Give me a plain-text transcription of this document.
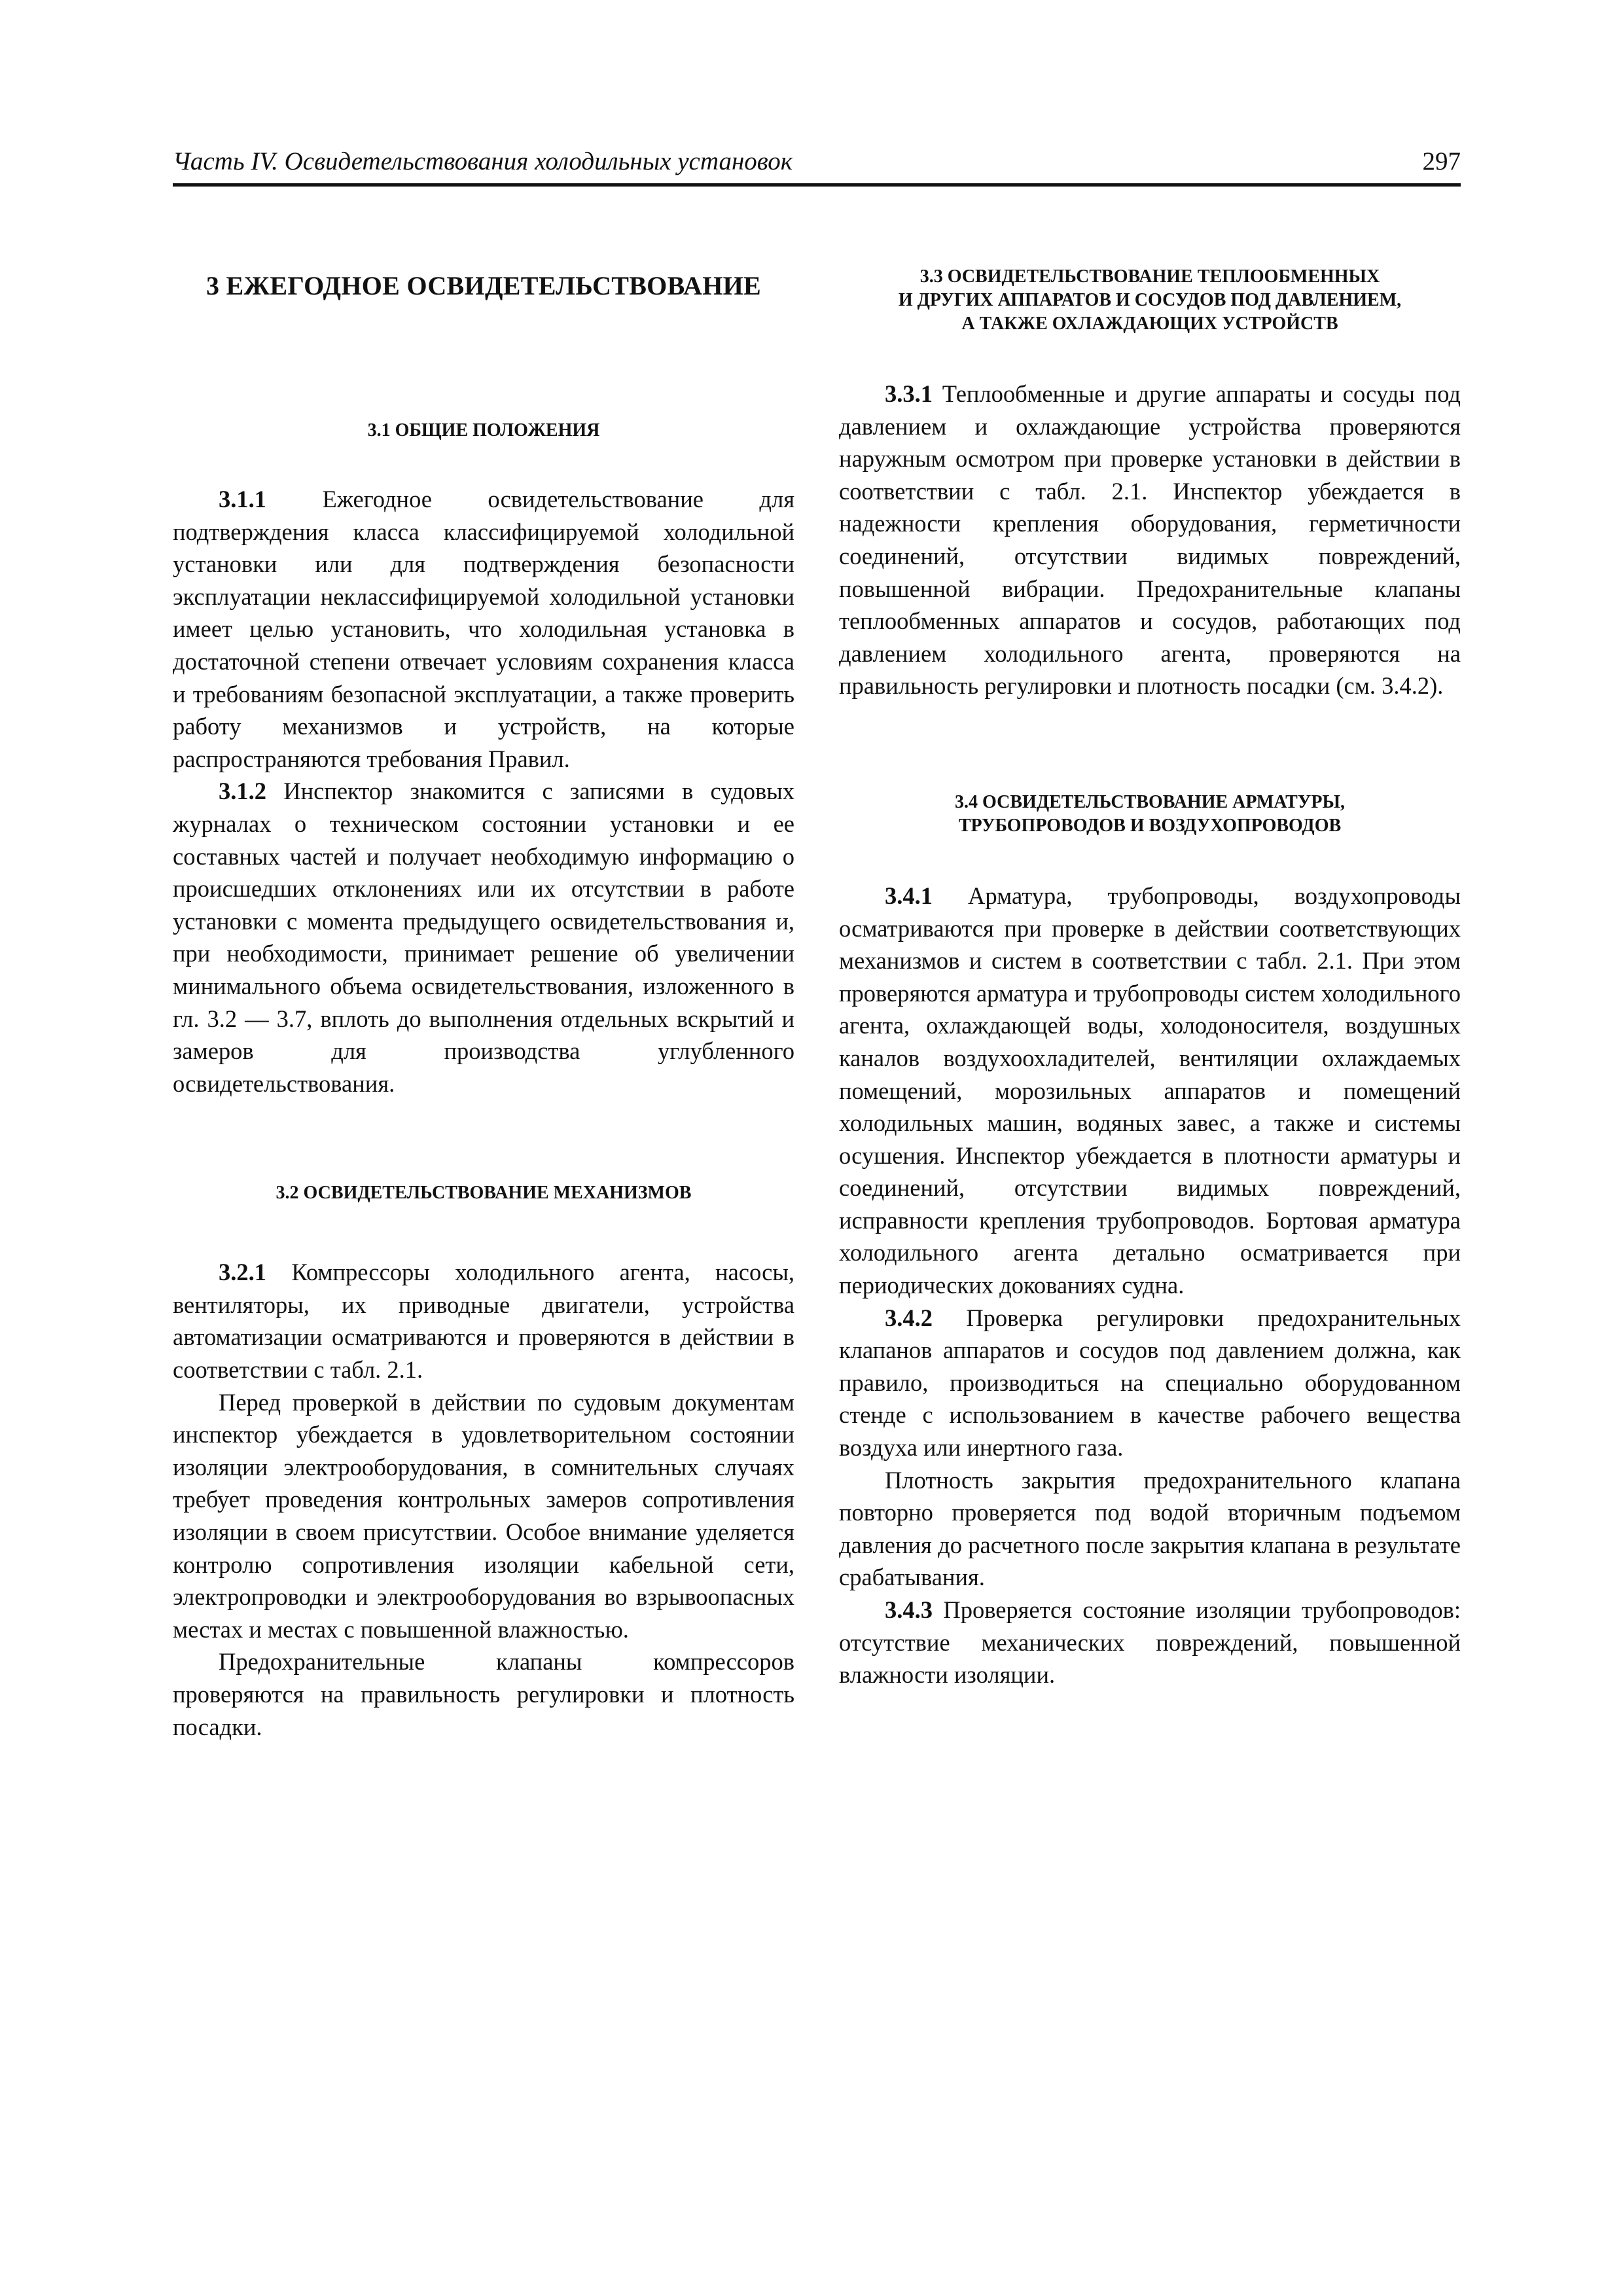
Часть IV. Освидетельствования холодильных установок	297
3 ЕЖЕГОДНОЕ ОСВИДЕТЕЛЬСТВОВАНИЕ
3.1 ОБЩИЕ ПОЛОЖЕНИЯ

3.1.1 Ежегодное освидетельствование для подтверждения класса классифицируемой холодильной установки или для подтверждения безопасности эксплуатации неклассифицируемой холодильной установки имеет целью установить, что холодильная установка в достаточной степени отвечает условиям сохранения класса и требованиям безопасной эксплуатации, а также проверить работу механизмов и устройств, на которые распространяются требования Правил.

3.1.2 Инспектор знакомится с записями в судовых журналах о техническом состоянии установки и ее составных частей и получает необходимую информацию о происшедших отклонениях или их отсутствии в работе установки с момента предыдущего освидетельствования и, при необходимости, принимает решение об увеличении минимального объема освидетельствования, изложенного в гл. 3.2 — 3.7, вплоть до выполнения отдельных вскрытий и замеров для производства углубленного освидетельствования.

3.2 ОСВИДЕТЕЛЬСТВОВАНИЕ МЕХАНИЗМОВ

3.2.1 Компрессоры холодильного агента, насосы, вентиляторы, их приводные двигатели, устройства автоматизации осматриваются и проверяются в действии в соответствии с табл. 2.1.

Перед проверкой в действии по судовым документам инспектор убеждается в удовлетворительном состоянии изоляции электрооборудования, в сомнительных случаях требует проведения контрольных замеров сопротивления изоляции в своем присутствии. Особое внимание уделяется контролю сопротивления изоляции кабельной сети, электропроводки и электрооборудования во взрывоопасных местах и местах с повышенной влажностью.

Предохранительные клапаны компрессоров проверяются на правильность регулировки и плотность посадки.

3.3 ОСВИДЕТЕЛЬСТВОВАНИЕ ТЕПЛООБМЕННЫХ
И ДРУГИХ АППАРАТОВ И СОСУДОВ ПОД ДАВЛЕНИЕМ,
А ТАКЖЕ ОХЛАЖДАЮЩИХ УСТРОЙСТВ

3.3.1 Теплообменные и другие аппараты и сосуды под давлением и охлаждающие устройства проверяются наружным осмотром при проверке установки в действии в соответствии с табл. 2.1. Инспектор убеждается в надежности крепления оборудования, герметичности соединений, отсутствии видимых повреждений, повышенной вибрации. Предохранительные клапаны теплообменных аппаратов и сосудов, работающих под давлением холодильного агента, проверяются на правильность регулировки и плотность посадки (см. 3.4.2).

3.4 ОСВИДЕТЕЛЬСТВОВАНИЕ АРМАТУРЫ,
ТРУБОПРОВОДОВ И ВОЗДУХОПРОВОДОВ

3.4.1 Арматура, трубопроводы, воздухопроводы осматриваются при проверке в действии соответствующих механизмов и систем в соответствии с табл. 2.1. При этом проверяются арматура и трубопроводы систем холодильного агента, охлаждающей воды, холодоносителя, воздушных каналов воздухоохладителей, вентиляции охлаждаемых помещений, морозильных аппаратов и помещений холодильных машин, водяных завес, а также и системы осушения. Инспектор убеждается в плотности арматуры и соединений, отсутствии видимых повреждений, исправности крепления трубопроводов. Бортовая арматура холодильного агента детально осматривается при периодических докованиях судна.

3.4.2 Проверка регулировки предохранительных клапанов аппаратов и сосудов под давлением должна, как правило, производиться на специально оборудованном стенде с использованием в качестве рабочего вещества воздуха или инертного газа.

Плотность закрытия предохранительного клапана повторно проверяется под водой вторичным подъемом давления до расчетного после закрытия клапана в результате срабатывания.

3.4.3 Проверяется состояние изоляции трубопроводов: отсутствие механических повреждений, повышенной влажности изоляции.
